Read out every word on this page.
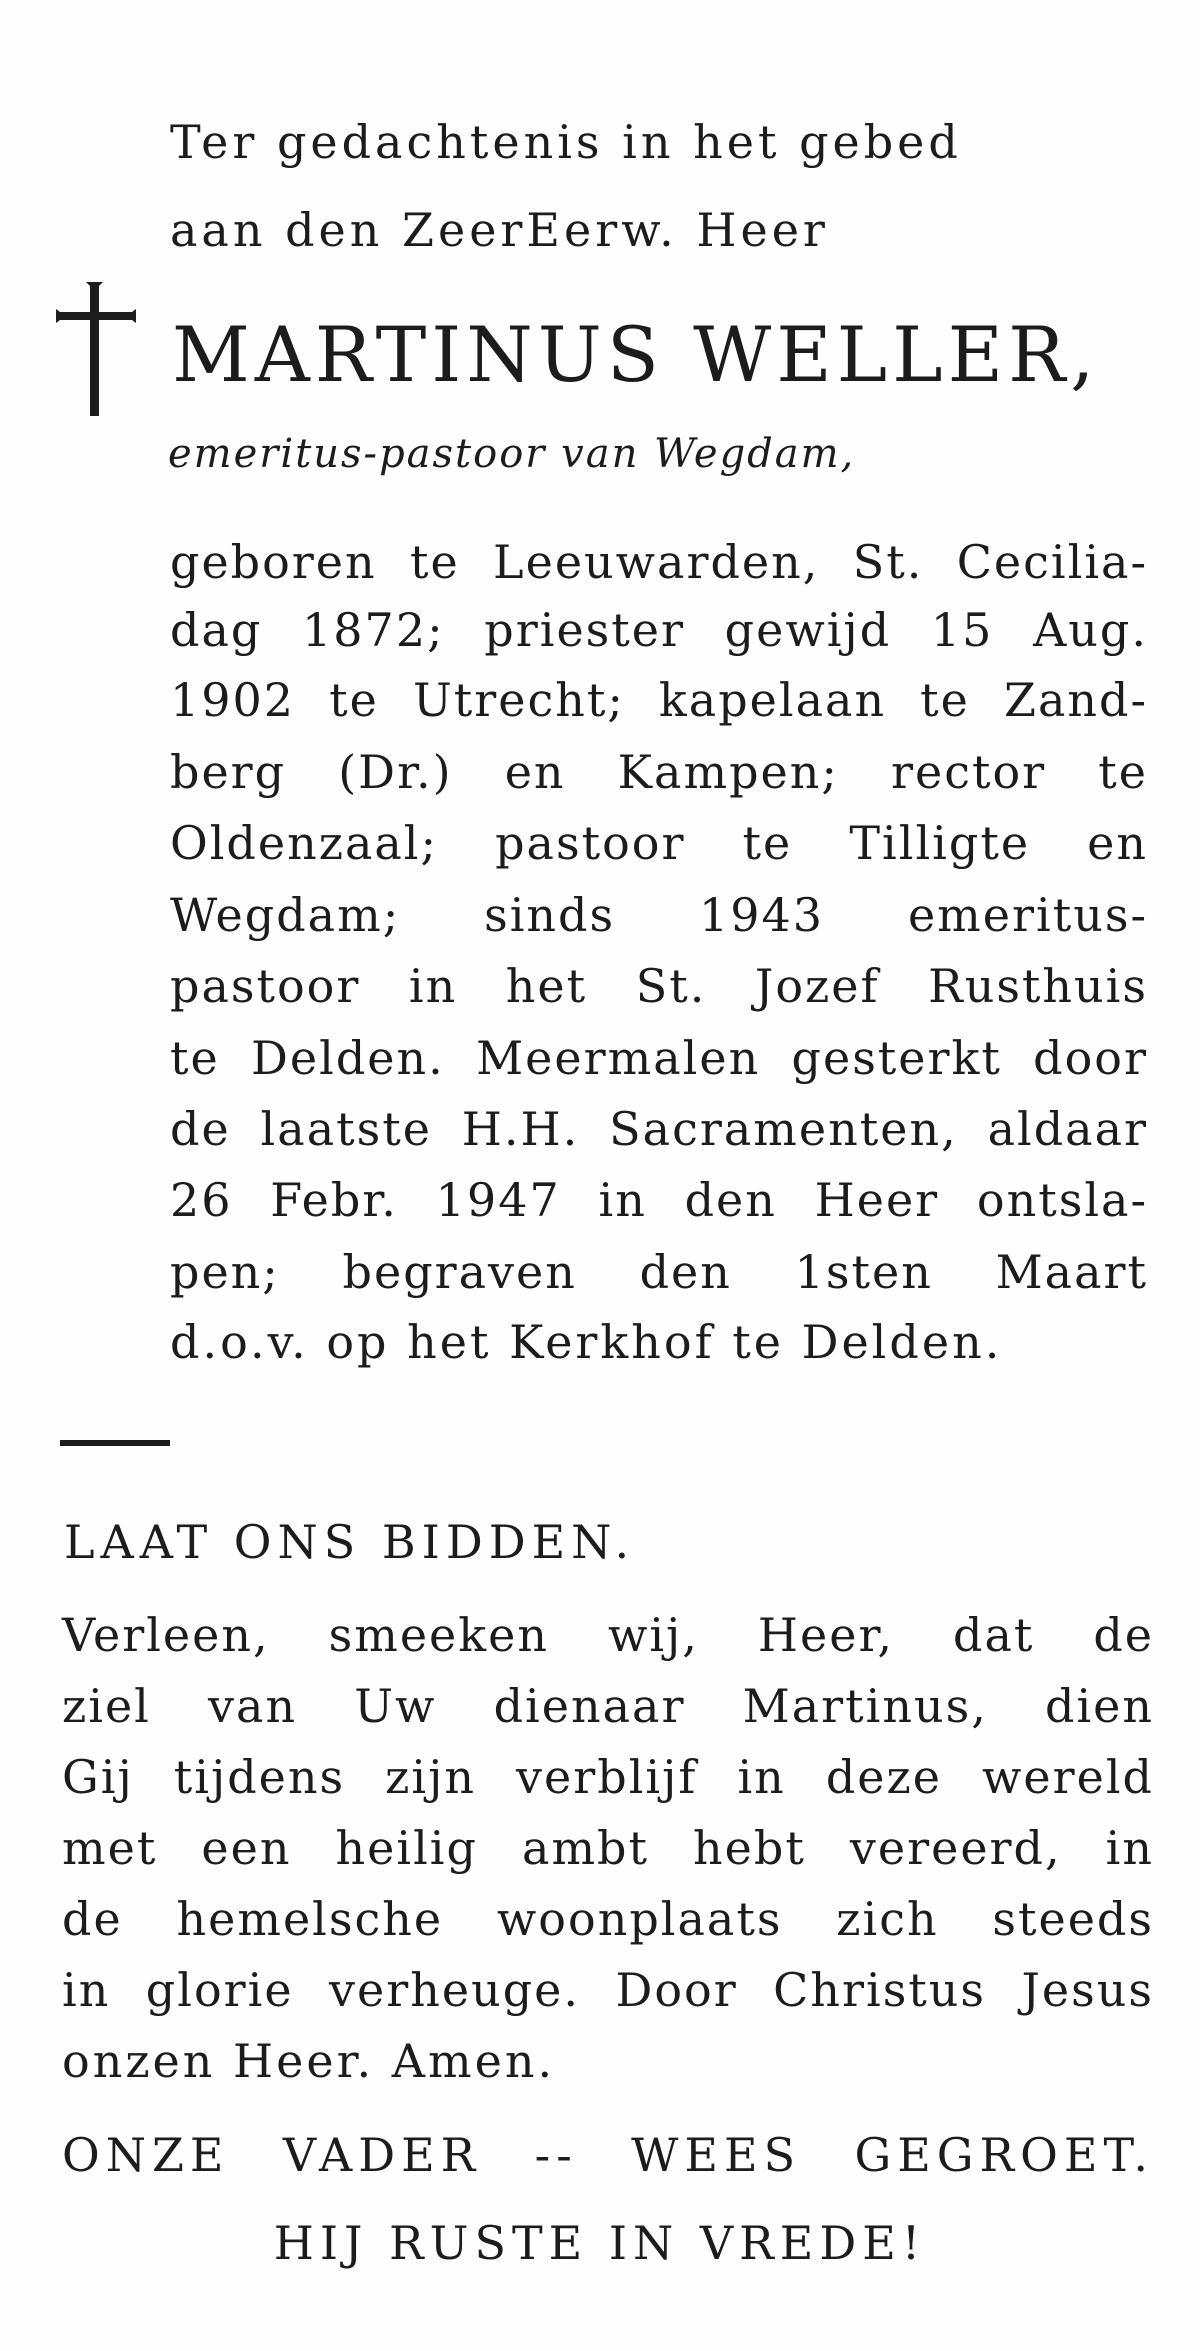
Ter gedachtenis in het gebed
aan den ZeerEerw. Heer
MARTINUS WELLER,
emeritus-pastoor van Wegdam,
geboren te Leeuwarden, St. Cecilia-
dag 1872; priester gewijd 15 Aug.
1902 te Utrecht; kapelaan te Zand-
berg (Dr.) en Kampen; rector te
Oldenzaal; pastoor te Tilligte en
Wegdam; sinds 1943 emeritus-
pastoor in het St. Jozef Rusthuis
te Delden. Meermalen gesterkt door
de laatste H.H. Sacramenten, aldaar
26 Febr. 1947 in den Heer ontsla-
pen; begraven den 1sten Maart
d.o.v. op het Kerkhof te Delden.
LAAT ONS BIDDEN.
Verleen, smeeken wij, Heer, dat de
ziel van Uw dienaar Martinus, dien
Gij tijdens zijn verblijf in deze wereld
met een heilig ambt hebt vereerd, in
de hemelsche woonplaats zich steeds
in glorie verheuge. Door Christus Jesus
onzen Heer. Amen.
ONZE VADER -- WEES GEGROET.
HIJ RUSTE IN VREDE!
